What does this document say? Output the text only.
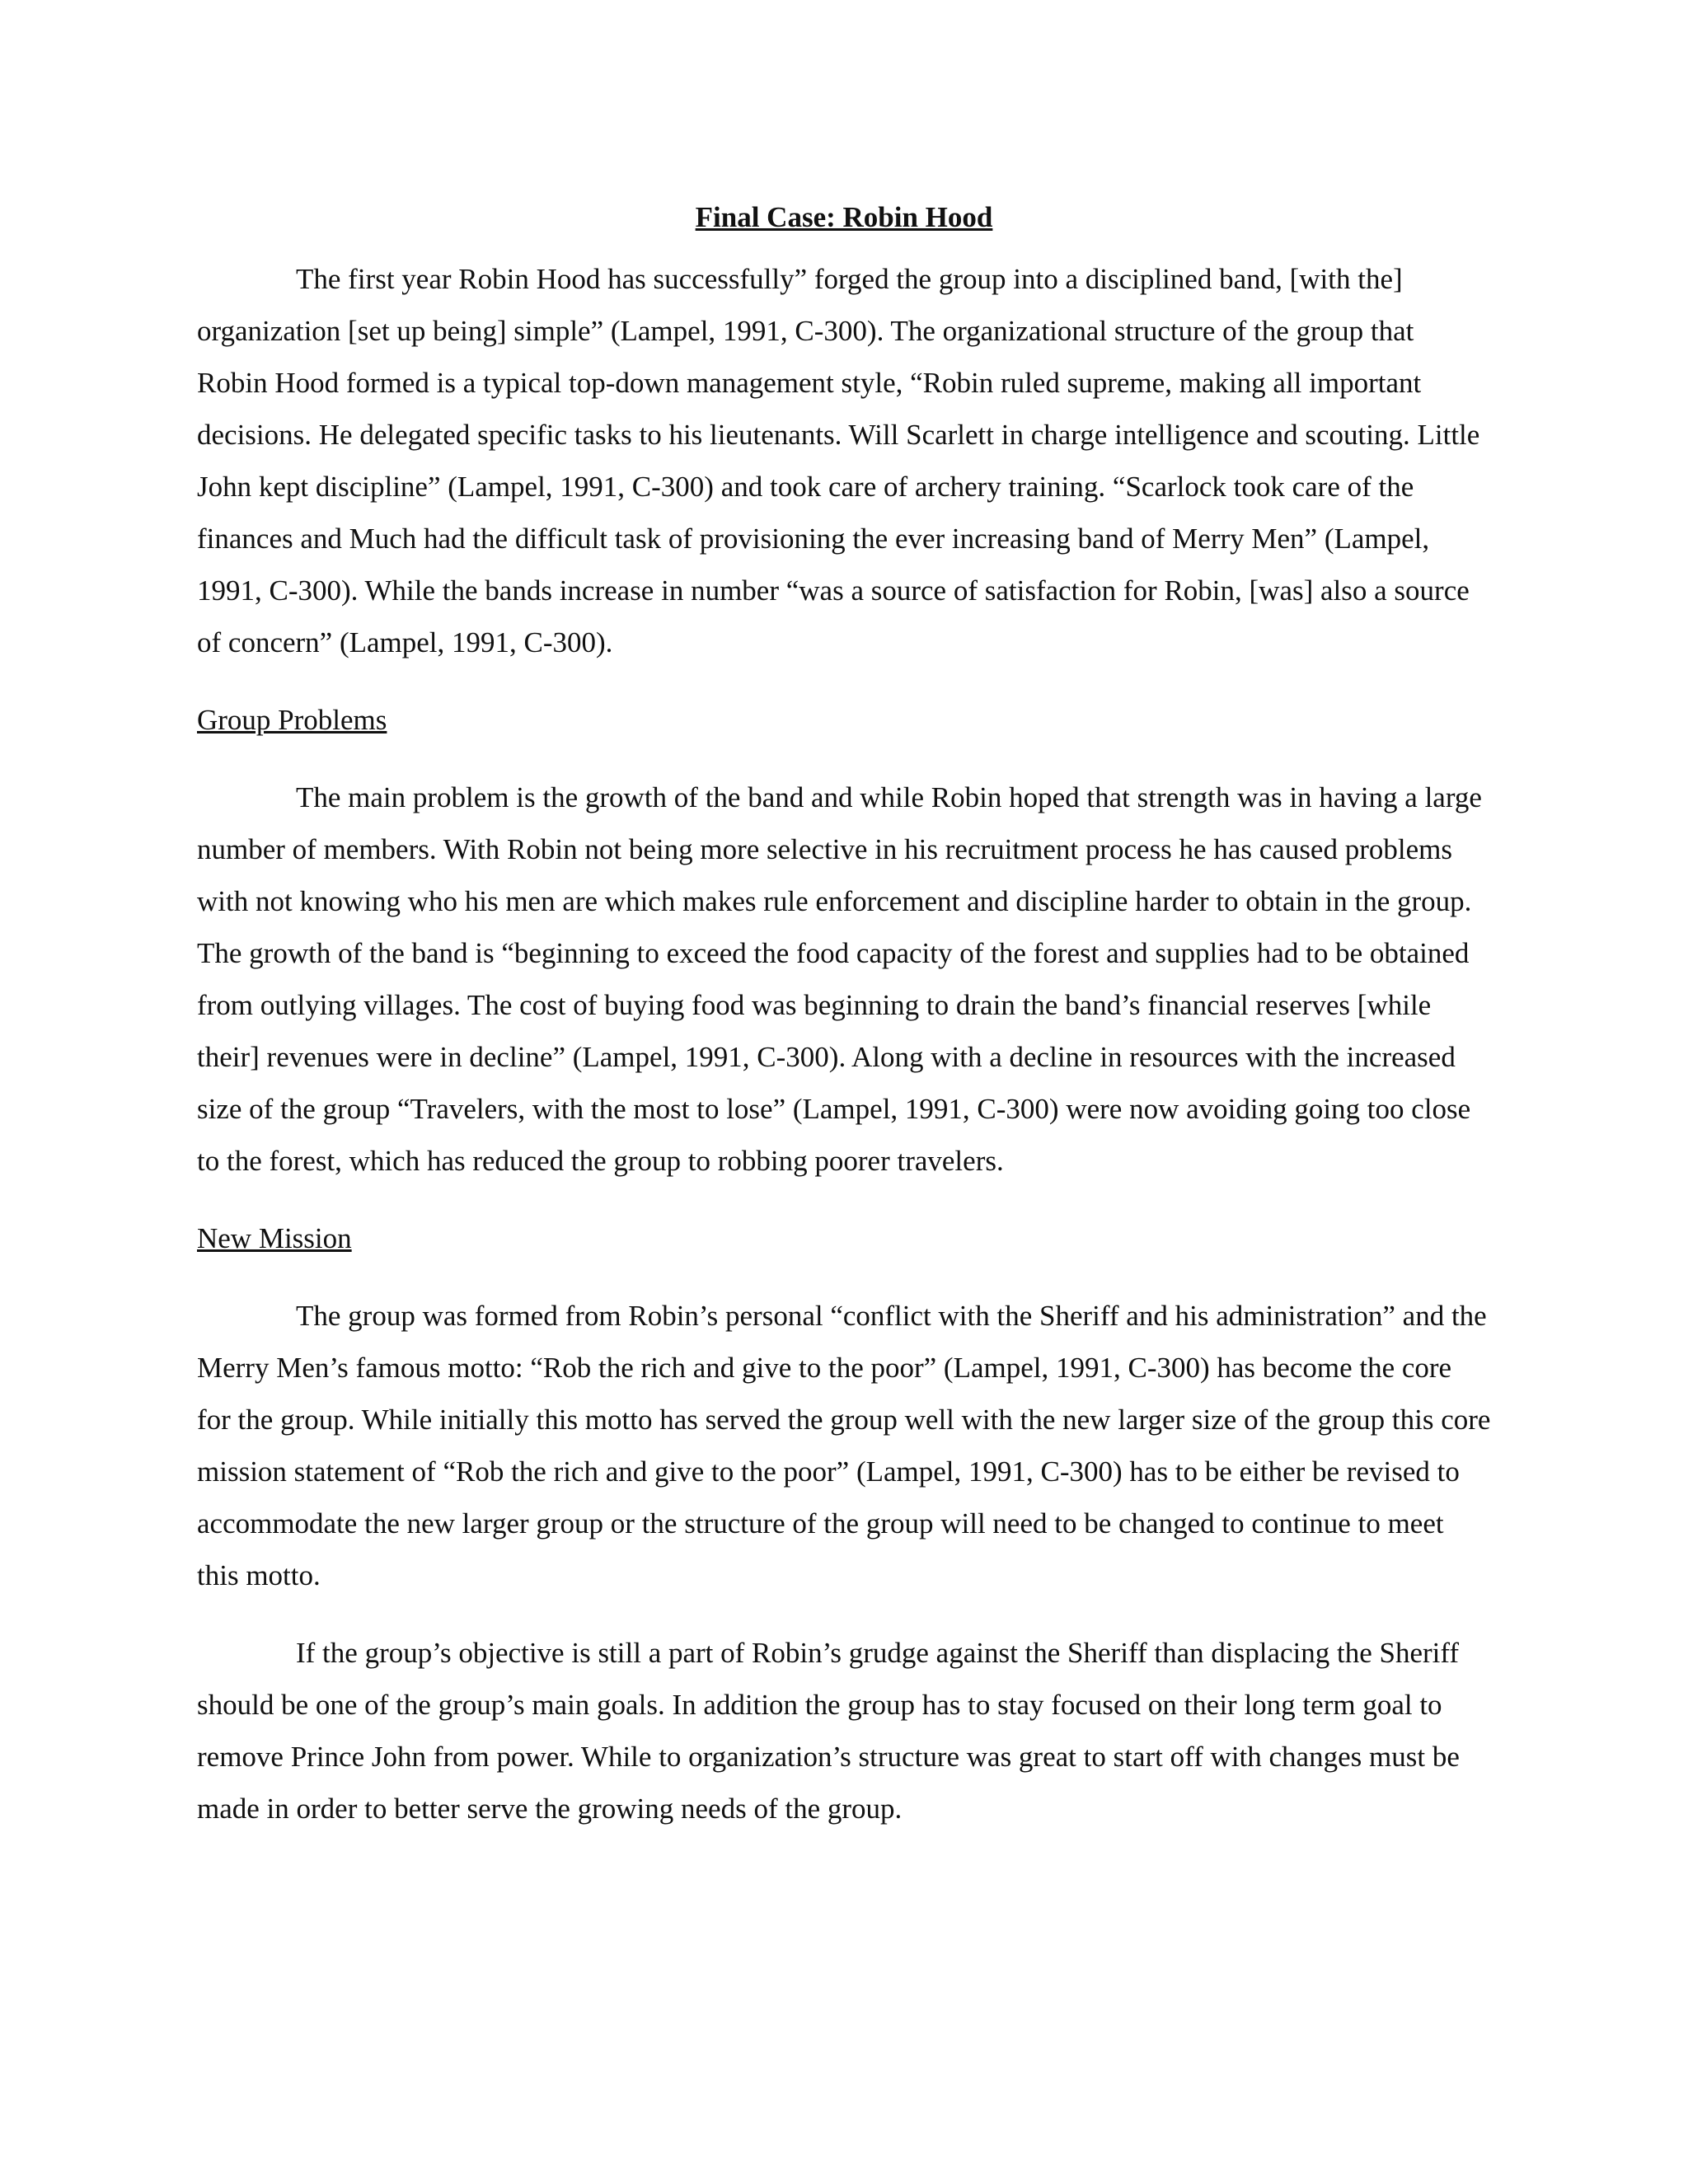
Final Case: Robin Hood

The first year Robin Hood has successfully” forged the group into a disciplined band, [with the] organization [set up being] simple” (Lampel, 1991, C-300). The organizational structure of the group that Robin Hood formed is a typical top-down management style, “Robin ruled supreme, making all important decisions. He delegated specific tasks to his lieutenants. Will Scarlett in charge intelligence and scouting. Little John kept discipline” (Lampel, 1991, C-300) and took care of archery training. “Scarlock took care of the finances and Much had the difficult task of provisioning the ever increasing band of Merry Men” (Lampel, 1991, C-300). While the bands increase in number “was a source of satisfaction for Robin, [was] also a source of concern” (Lampel, 1991, C-300).

Group Problems

The main problem is the growth of the band and while Robin hoped that strength was in having a large number of members. With Robin not being more selective in his recruitment process he has caused problems with not knowing who his men are which makes rule enforcement and discipline harder to obtain in the group. The growth of the band is “beginning to exceed the food capacity of the forest and supplies had to be obtained from outlying villages. The cost of buying food was beginning to drain the band’s financial reserves [while their] revenues were in decline” (Lampel, 1991, C-300). Along with a decline in resources with the increased size of the group “Travelers, with the most to lose” (Lampel, 1991, C-300) were now avoiding going too close to the forest, which has reduced the group to robbing poorer travelers.

New Mission

The group was formed from Robin’s personal “conflict with the Sheriff and his administration” and the Merry Men’s famous motto: “Rob the rich and give to the poor” (Lampel, 1991, C-300) has become the core for the group. While initially this motto has served the group well with the new larger size of the group this core mission statement of “Rob the rich and give to the poor” (Lampel, 1991, C-300) has to be either be revised to accommodate the new larger group or the structure of the group will need to be changed to continue to meet this motto.

If the group’s objective is still a part of Robin’s grudge against the Sheriff than displacing the Sheriff should be one of the group’s main goals. In addition the group has to stay focused on their long term goal to remove Prince John from power. While to organization’s structure was great to start off with changes must be made in order to better serve the growing needs of the group.
